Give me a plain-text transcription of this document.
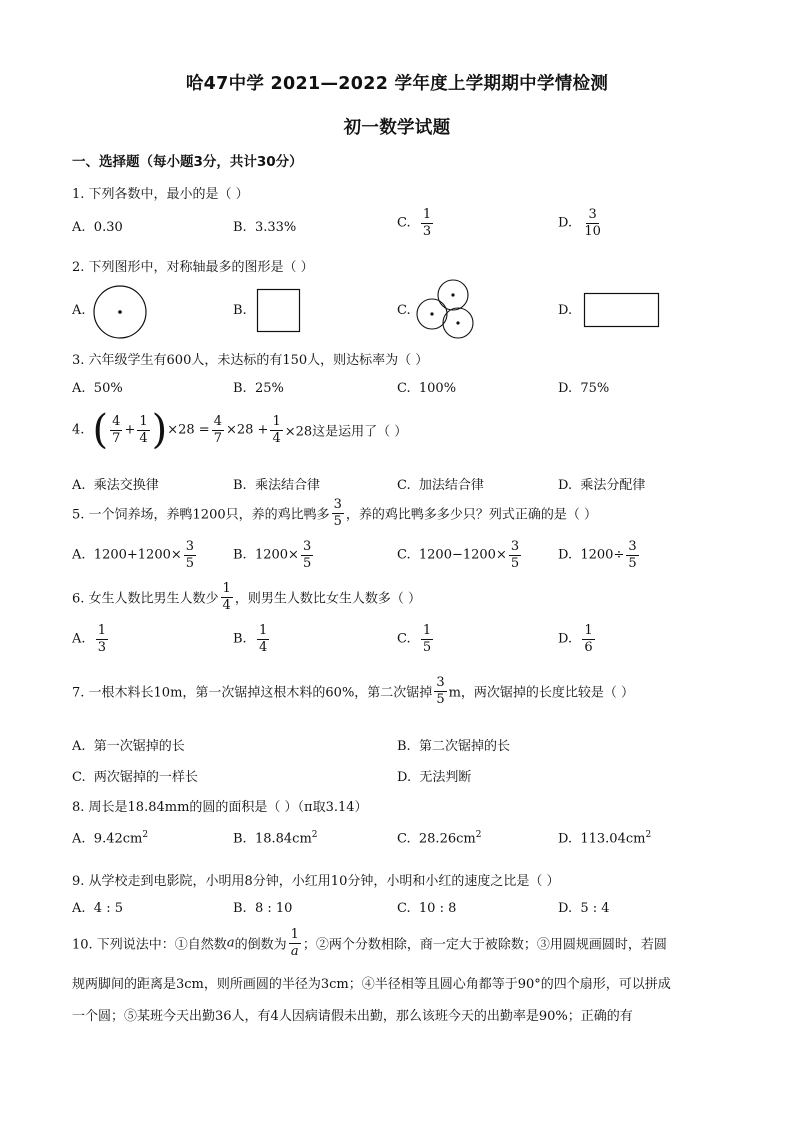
哈47中学 2021—2022 学年度上学期期中学情检测
初一数学试题
一、选择题（每小题3分，共计30分）
1. 下列各数中，最小的是（ ）
A. 0.30	B. 3.33%	C. $\frac{1}{3}$	D. $\frac{3}{10}$
2. 下列图形中，对称轴最多的图形是（ ）
A.	B.	C.	D.
3. 六年级学生有600人，未达标的有150人，则达标率为（ ）
A. 50%	B. 25%	C. 100%	D. 75%
4. ( $\frac{4}{7} + \frac{1}{4} )\times 28 = \frac{4}{7} \times 28 + \frac{1}{4} \times 28$这是运用了（ ）
A. 乘法交换律	B. 乘法结合律	C. 加法结合律	D. 乘法分配律
5. 一个饲养场，养鸭1200只，养的鸡比鸭多 $\frac{3}{5}$ ，养的鸡比鸭多多少只？列式正确的是（ ）
A. $1200+1200\times \frac{3}{5}$	B. $1200\times \frac{3}{5}$	C. $1200-1200\times \frac{3}{5}$	D. $1200\div \frac{3}{5}$
6. 女生人数比男生人数少 $\frac{1}{4}$ ，则男生人数比女生人数多（ ）
A. $\frac{1}{3}$	B. $\frac{1}{4}$	C. $\frac{1}{5}$	D. $\frac{1}{6}$
7. 一根木料长10m，第一次锯掉这根木料的60%，第二次锯掉 $\frac{3}{5}$ m，两次锯掉的长度比较是（ ）
A. 第一次锯掉的长	B. 第二次锯掉的长
C. 两次锯掉的一样长	D. 无法判断
8. 周长是18.84mm的圆的面积是（ ）（π取3.14）
A. $9.42cm^2$	B. $18.84cm^2$	C. $28.26cm^2$	D. $113.04cm^2$
9. 从学校走到电影院，小明用8分钟，小红用10分钟，小明和小红的速度之比是（ ）
A. 4 : 5	B. 8 : 10	C. 10 : 8	D. 5 : 4
10. 下列说法中：①自然数a的倒数为 $\frac{1}{a}$ ；②两个分数相除，商一定大于被除数；③用圆规画圆时，若圆
规两脚间的距离是3cm，则所画圆的半径为3cm；④半径相等且圆心角都等于90°的四个扇形，可以拼成
一个圆；⑤某班今天出勤36人，有4人因病请假未出勤，那么该班今天的出勤率是90%；正确的有
